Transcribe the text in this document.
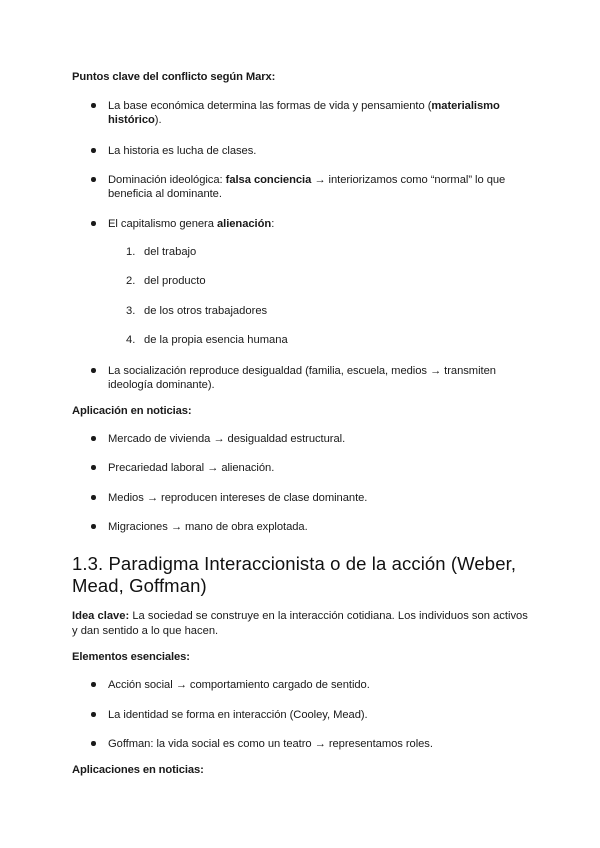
Puntos clave del conflicto según Marx:
La base económica determina las formas de vida y pensamiento (materialismo
histórico).
La historia es lucha de clases.
Dominación ideológica: falsa conciencia → interiorizamos como “normal” lo que
beneficia al dominante.
El capitalismo genera alienación:
1. del trabajo
2. del producto
3. de los otros trabajadores
4. de la propia esencia humana
La socialización reproduce desigualdad (familia, escuela, medios → transmiten
ideología dominante).
Aplicación en noticias:
Mercado de vivienda → desigualdad estructural.
Precariedad laboral → alienación.
Medios → reproducen intereses de clase dominante.
Migraciones → mano de obra explotada.
1.3. Paradigma Interaccionista o de la acción (Weber,
Mead, Goffman)
Idea clave: La sociedad se construye en la interacción cotidiana. Los individuos son activos
y dan sentido a lo que hacen.
Elementos esenciales:
Acción social → comportamiento cargado de sentido.
La identidad se forma en interacción (Cooley, Mead).
Goffman: la vida social es como un teatro → representamos roles.
Aplicaciones en noticias:
